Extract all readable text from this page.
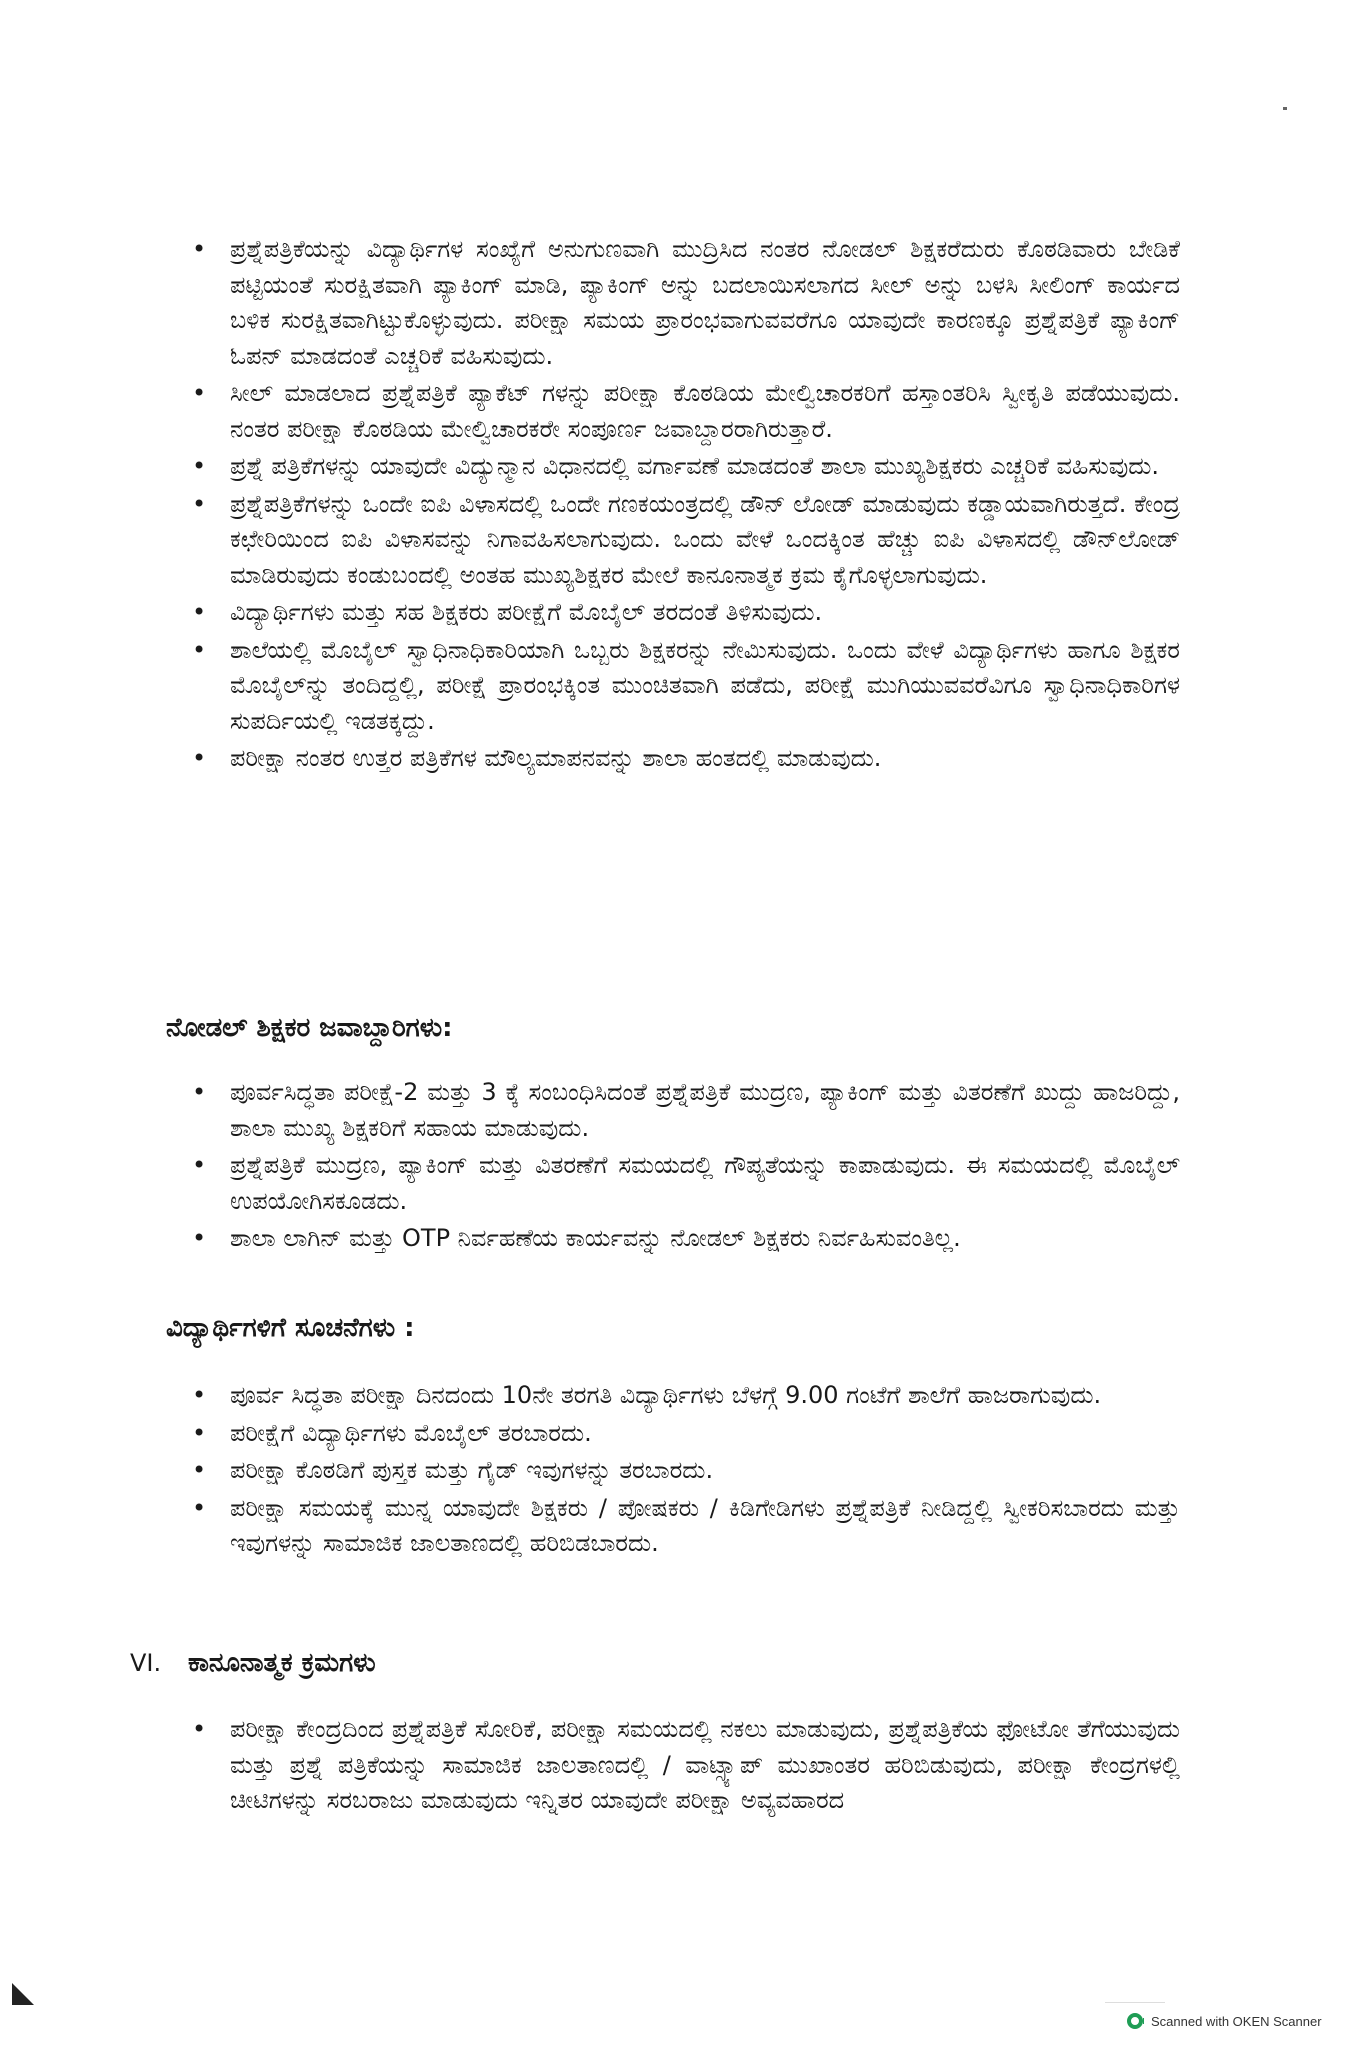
• ಪ್ರಶ್ನೆಪತ್ರಿಕೆಯನ್ನು ವಿದ್ಯಾರ್ಥಿಗಳ ಸಂಖ್ಯೆಗೆ ಅನುಗುಣವಾಗಿ ಮುದ್ರಿಸಿದ ನಂತರ ನೋಡಲ್ ಶಿಕ್ಷಕರೆದುರು ಕೊಠಡಿವಾರು ಬೇಡಿಕೆ ಪಟ್ಟಿಯಂತೆ ಸುರಕ್ಷಿತವಾಗಿ ಪ್ಯಾಕಿಂಗ್ ಮಾಡಿ, ಪ್ಯಾಕಿಂಗ್ ಅನ್ನು ಬದಲಾಯಿಸಲಾಗದ ಸೀಲ್ ಅನ್ನು ಬಳಸಿ ಸೀಲಿಂಗ್ ಕಾರ್ಯದ ಬಳಿಕ ಸುರಕ್ಷಿತವಾಗಿಟ್ಟುಕೊಳ್ಳುವುದು. ಪರೀಕ್ಷಾ ಸಮಯ ಪ್ರಾರಂಭವಾಗುವವರೆಗೂ ಯಾವುದೇ ಕಾರಣಕ್ಕೂ ಪ್ರಶ್ನೆಪತ್ರಿಕೆ ಪ್ಯಾಕಿಂಗ್ ಓಪನ್ ಮಾಡದಂತೆ ಎಚ್ಚರಿಕೆ ವಹಿಸುವುದು.
• ಸೀಲ್ ಮಾಡಲಾದ ಪ್ರಶ್ನೆಪತ್ರಿಕೆ ಪ್ಯಾಕೆಟ್ ಗಳನ್ನು ಪರೀಕ್ಷಾ ಕೊಠಡಿಯ ಮೇಲ್ವಿಚಾರಕರಿಗೆ ಹಸ್ತಾಂತರಿಸಿ ಸ್ವೀಕೃತಿ ಪಡೆಯುವುದು. ನಂತರ ಪರೀಕ್ಷಾ ಕೊಠಡಿಯ ಮೇಲ್ವಿಚಾರಕರೇ ಸಂಪೂರ್ಣ ಜವಾಬ್ದಾರರಾಗಿರುತ್ತಾರೆ.
• ಪ್ರಶ್ನೆ ಪತ್ರಿಕೆಗಳನ್ನು ಯಾವುದೇ ವಿದ್ಯುನ್ಮಾನ ವಿಧಾನದಲ್ಲಿ ವರ್ಗಾವಣೆ ಮಾಡದಂತೆ ಶಾಲಾ ಮುಖ್ಯಶಿಕ್ಷಕರು ಎಚ್ಚರಿಕೆ ವಹಿಸುವುದು.
• ಪ್ರಶ್ನೆಪತ್ರಿಕೆಗಳನ್ನು ಒಂದೇ ಐಪಿ ವಿಳಾಸದಲ್ಲಿ ಒಂದೇ ಗಣಕಯಂತ್ರದಲ್ಲಿ ಡೌನ್ ಲೋಡ್ ಮಾಡುವುದು ಕಡ್ಡಾಯವಾಗಿರುತ್ತದೆ. ಕೇಂದ್ರ ಕಛೇರಿಯಿಂದ ಐಪಿ ವಿಳಾಸವನ್ನು ನಿಗಾವಹಿಸಲಾಗುವುದು. ಒಂದು ವೇಳೆ ಒಂದಕ್ಕಿಂತ ಹೆಚ್ಚು ಐಪಿ ವಿಳಾಸದಲ್ಲಿ ಡೌನ್‌ಲೋಡ್ ಮಾಡಿರುವುದು ಕಂಡುಬಂದಲ್ಲಿ ಅಂತಹ ಮುಖ್ಯಶಿಕ್ಷಕರ ಮೇಲೆ ಕಾನೂನಾತ್ಮಕ ಕ್ರಮ ಕೈಗೊಳ್ಳಲಾಗುವುದು.
• ವಿದ್ಯಾರ್ಥಿಗಳು ಮತ್ತು ಸಹ ಶಿಕ್ಷಕರು ಪರೀಕ್ಷೆಗೆ ಮೊಬೈಲ್ ತರದಂತೆ ತಿಳಿಸುವುದು.
• ಶಾಲೆಯಲ್ಲಿ ಮೊಬೈಲ್ ಸ್ವಾಧಿನಾಧಿಕಾರಿಯಾಗಿ ಒಬ್ಬರು ಶಿಕ್ಷಕರನ್ನು ನೇಮಿಸುವುದು. ಒಂದು ವೇಳೆ ವಿದ್ಯಾರ್ಥಿಗಳು ಹಾಗೂ ಶಿಕ್ಷಕರ ಮೊಬೈಲ್‌ನ್ನು ತಂದಿದ್ದಲ್ಲಿ, ಪರೀಕ್ಷೆ ಪ್ರಾರಂಭಕ್ಕಿಂತ ಮುಂಚಿತವಾಗಿ ಪಡೆದು, ಪರೀಕ್ಷೆ ಮುಗಿಯುವವರೆವಿಗೂ ಸ್ವಾಧಿನಾಧಿಕಾರಿಗಳ ಸುಪರ್ದಿಯಲ್ಲಿ ಇಡತಕ್ಕದ್ದು.
• ಪರೀಕ್ಷಾ ನಂತರ ಉತ್ತರ ಪತ್ರಿಕೆಗಳ ಮೌಲ್ಯಮಾಪನವನ್ನು ಶಾಲಾ ಹಂತದಲ್ಲಿ ಮಾಡುವುದು.
ನೋಡಲ್ ಶಿಕ್ಷಕರ ಜವಾಬ್ದಾರಿಗಳು:
• ಪೂರ್ವಸಿದ್ಧತಾ ಪರೀಕ್ಷೆ-2 ಮತ್ತು 3 ಕ್ಕೆ ಸಂಬಂಧಿಸಿದಂತೆ ಪ್ರಶ್ನೆಪತ್ರಿಕೆ ಮುದ್ರಣ, ಪ್ಯಾಕಿಂಗ್ ಮತ್ತು ವಿತರಣೆಗೆ ಖುದ್ದು ಹಾಜರಿದ್ದು, ಶಾಲಾ ಮುಖ್ಯ ಶಿಕ್ಷಕರಿಗೆ ಸಹಾಯ ಮಾಡುವುದು.
• ಪ್ರಶ್ನೆಪತ್ರಿಕೆ ಮುದ್ರಣ, ಪ್ಯಾಕಿಂಗ್ ಮತ್ತು ವಿತರಣೆಗೆ ಸಮಯದಲ್ಲಿ ಗೌಪ್ಯತೆಯನ್ನು ಕಾಪಾಡುವುದು. ಈ ಸಮಯದಲ್ಲಿ ಮೊಬೈಲ್ ಉಪಯೋಗಿಸಕೂಡದು.
• ಶಾಲಾ ಲಾಗಿನ್ ಮತ್ತು OTP ನಿರ್ವಹಣೆಯ ಕಾರ್ಯವನ್ನು ನೋಡಲ್ ಶಿಕ್ಷಕರು ನಿರ್ವಹಿಸುವಂತಿಲ್ಲ.
ವಿದ್ಯಾರ್ಥಿಗಳಿಗೆ ಸೂಚನೆಗಳು :
• ಪೂರ್ವ ಸಿದ್ಧತಾ ಪರೀಕ್ಷಾ ದಿನದಂದು 10ನೇ ತರಗತಿ ವಿದ್ಯಾರ್ಥಿಗಳು ಬೆಳಗ್ಗೆ 9.00 ಗಂಟೆಗೆ ಶಾಲೆಗೆ ಹಾಜರಾಗುವುದು.
• ಪರೀಕ್ಷೆಗೆ ವಿದ್ಯಾರ್ಥಿಗಳು ಮೊಬೈಲ್ ತರಬಾರದು.
• ಪರೀಕ್ಷಾ ಕೊಠಡಿಗೆ ಪುಸ್ತಕ ಮತ್ತು ಗೈಡ್ ಇವುಗಳನ್ನು ತರಬಾರದು.
• ಪರೀಕ್ಷಾ ಸಮಯಕ್ಕೆ ಮುನ್ನ ಯಾವುದೇ ಶಿಕ್ಷಕರು / ಪೋಷಕರು / ಕಿಡಿಗೇಡಿಗಳು ಪ್ರಶ್ನೆಪತ್ರಿಕೆ ನೀಡಿದ್ದಲ್ಲಿ ಸ್ವೀಕರಿಸಬಾರದು ಮತ್ತು ಇವುಗಳನ್ನು ಸಾಮಾಜಿಕ ಜಾಲತಾಣದಲ್ಲಿ ಹರಿಬಿಡಬಾರದು.
VI.	ಕಾನೂನಾತ್ಮಕ ಕ್ರಮಗಳು
• ಪರೀಕ್ಷಾ ಕೇಂದ್ರದಿಂದ ಪ್ರಶ್ನೆಪತ್ರಿಕೆ ಸೋರಿಕೆ, ಪರೀಕ್ಷಾ ಸಮಯದಲ್ಲಿ ನಕಲು ಮಾಡುವುದು, ಪ್ರಶ್ನೆಪತ್ರಿಕೆಯ ಫೋಟೋ ತೆಗೆಯುವುದು ಮತ್ತು ಪ್ರಶ್ನೆ ಪತ್ರಿಕೆಯನ್ನು ಸಾಮಾಜಿಕ ಜಾಲತಾಣದಲ್ಲಿ / ವಾಟ್ಸ್ಯಾಪ್ ಮುಖಾಂತರ ಹರಿಬಿಡುವುದು, ಪರೀಕ್ಷಾ ಕೇಂದ್ರಗಳಲ್ಲಿ ಚೀಟಿಗಳನ್ನು ಸರಬರಾಜು ಮಾಡುವುದು ಇನ್ನಿತರ ಯಾವುದೇ ಪರೀಕ್ಷಾ ಅವ್ಯವಹಾರದ
Scanned with OKEN Scanner
